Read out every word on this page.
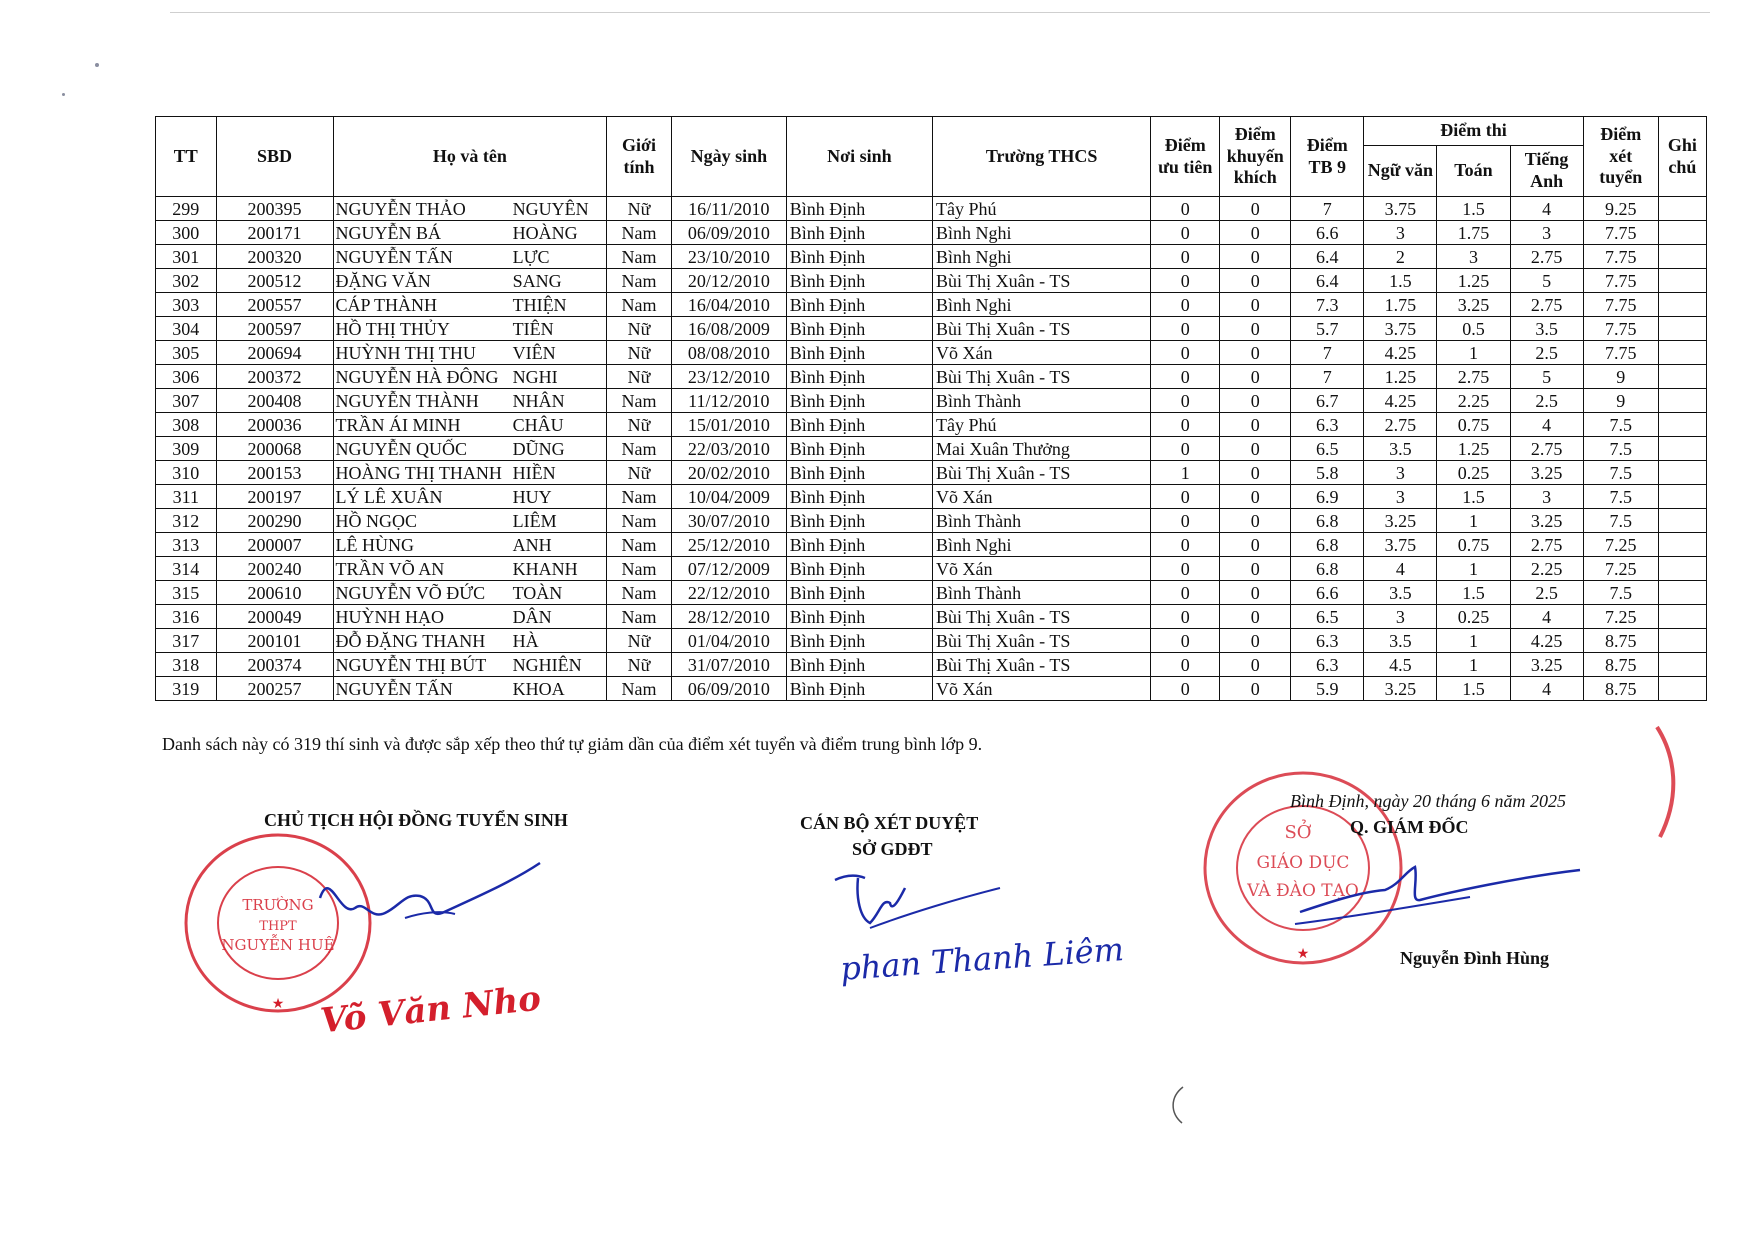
TT	SBD	Họ và tên		Giới tính	Ngày sinh	Nơi sinh	Trường THCS	Điểm ưu tiên	Điểm khuyến khích	Điểm TB 9	Điểm thi			Điểm xét tuyển	Ghi chú
											Ngữ văn	Toán	Tiếng Anh		
299	200395	NGUYỄN THẢO	NGUYÊN	Nữ	16/11/2010	Bình Định	Tây Phú	0	0	7	3.75	1.5	4	9.25	
300	200171	NGUYỄN BÁ	HOÀNG	Nam	06/09/2010	Bình Định	Bình Nghi	0	0	6.6	3	1.75	3	7.75	
301	200320	NGUYỄN TẤN	LỰC	Nam	23/10/2010	Bình Định	Bình Nghi	0	0	6.4	2	3	2.75	7.75	
302	200512	ĐẶNG VĂN	SANG	Nam	20/12/2010	Bình Định	Bùi Thị Xuân - TS	0	0	6.4	1.5	1.25	5	7.75	
303	200557	CÁP THÀNH	THIỆN	Nam	16/04/2010	Bình Định	Bình Nghi	0	0	7.3	1.75	3.25	2.75	7.75	
304	200597	HỒ THỊ THỦY	TIÊN	Nữ	16/08/2009	Bình Định	Bùi Thị Xuân - TS	0	0	5.7	3.75	0.5	3.5	7.75	
305	200694	HUỲNH THỊ THU	VIÊN	Nữ	08/08/2010	Bình Định	Võ Xán	0	0	7	4.25	1	2.5	7.75	
306	200372	NGUYỄN HÀ ĐÔNG	NGHI	Nữ	23/12/2010	Bình Định	Bùi Thị Xuân - TS	0	0	7	1.25	2.75	5	9	
307	200408	NGUYỄN THÀNH	NHÂN	Nam	11/12/2010	Bình Định	Bình Thành	0	0	6.7	4.25	2.25	2.5	9	
308	200036	TRẦN ÁI MINH	CHÂU	Nữ	15/01/2010	Bình Định	Tây Phú	0	0	6.3	2.75	0.75	4	7.5	
309	200068	NGUYỄN QUỐC	DŨNG	Nam	22/03/2010	Bình Định	Mai Xuân Thưởng	0	0	6.5	3.5	1.25	2.75	7.5	
310	200153	HOÀNG THỊ THANH	HIỀN	Nữ	20/02/2010	Bình Định	Bùi Thị Xuân - TS	1	0	5.8	3	0.25	3.25	7.5	
311	200197	LÝ LÊ XUÂN	HUY	Nam	10/04/2009	Bình Định	Võ Xán	0	0	6.9	3	1.5	3	7.5	
312	200290	HỒ NGỌC	LIÊM	Nam	30/07/2010	Bình Định	Bình Thành	0	0	6.8	3.25	1	3.25	7.5	
313	200007	LÊ HÙNG	ANH	Nam	25/12/2010	Bình Định	Bình Nghi	0	0	6.8	3.75	0.75	2.75	7.25	
314	200240	TRẦN VÕ AN	KHANH	Nam	07/12/2009	Bình Định	Võ Xán	0	0	6.8	4	1	2.25	7.25	
315	200610	NGUYỄN VÕ ĐỨC	TOÀN	Nam	22/12/2010	Bình Định	Bình Thành	0	0	6.6	3.5	1.5	2.5	7.5	
316	200049	HUỲNH HẠO	DÂN	Nam	28/12/2010	Bình Định	Bùi Thị Xuân - TS	0	0	6.5	3	0.25	4	7.25	
317	200101	ĐỖ ĐẶNG THANH	HÀ	Nữ	01/04/2010	Bình Định	Bùi Thị Xuân - TS	0	0	6.3	3.5	1	4.25	8.75	
318	200374	NGUYỄN THỊ BÚT	NGHIÊN	Nữ	31/07/2010	Bình Định	Bùi Thị Xuân - TS	0	0	6.3	4.5	1	3.25	8.75	
319	200257	NGUYỄN TẤN	KHOA	Nam	06/09/2010	Bình Định	Võ Xán	0	0	5.9	3.25	1.5	4	8.75	
Danh sách này có 319 thí sinh và được sắp xếp theo thứ tự giảm dần của điểm xét tuyển và điểm trung bình lớp 9.
CHỦ TỊCH HỘI ĐỒNG TUYỂN SINH
TRƯỜNG
THPT
NGUYỄN HUỆ
★ Võ Văn Nho
CÁN BỘ XÉT DUYỆT
SỞ GDĐT
phan Thanh Liêm
SỞ
GIÁO DỤC
VÀ ĐÀO TẠO
★
Bình Định, ngày 20 tháng 6 năm 2025
Q. GIÁM ĐỐC
Nguyễn Đình Hùng
